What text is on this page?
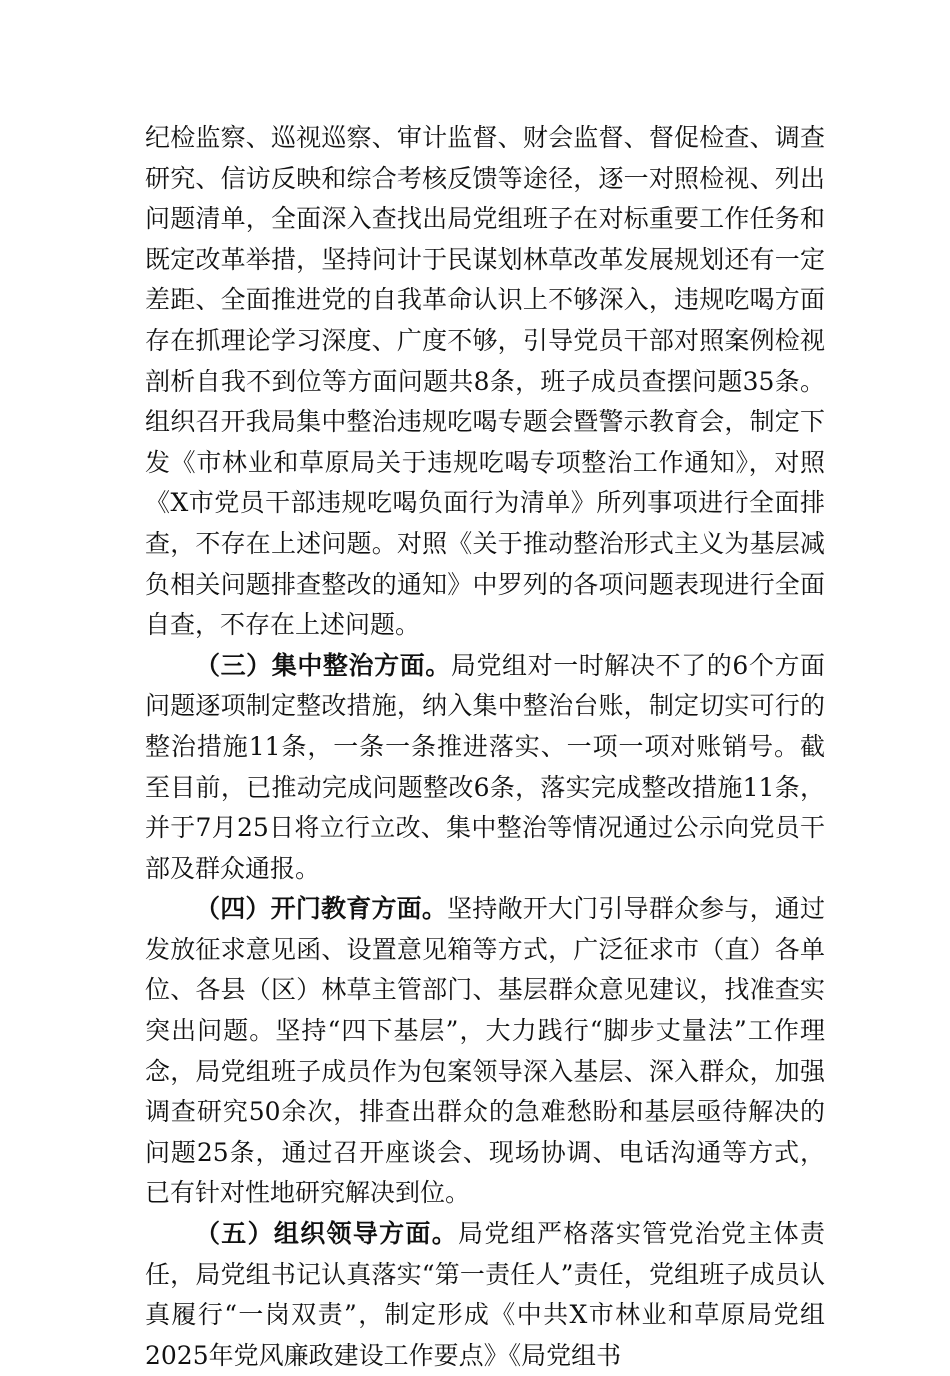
纪检监察、巡视巡察、审计监督、财会监督、督促检查、调查研究、信访反映和综合考核反馈等途径，逐一对照检视、列出问题清单，全面深入查找出局党组班子在对标重要工作任务和既定改革举措，坚持问计于民谋划林草改革发展规划还有一定差距、全面推进党的自我革命认识上不够深入，违规吃喝方面存在抓理论学习深度、广度不够，引导党员干部对照案例检视剖析自我不到位等方面问题共8条，班子成员查摆问题35条。组织召开我局集中整治违规吃喝专题会暨警示教育会，制定下发《市林业和草原局关于违规吃喝专项整治工作通知》，对照《X市党员干部违规吃喝负面行为清单》所列事项进行全面排查，不存在上述问题。对照《关于推动整治形式主义为基层减负相关问题排查整改的通知》中罗列的各项问题表现进行全面自查，不存在上述问题。

（三）集中整治方面。局党组对一时解决不了的6个方面问题逐项制定整改措施，纳入集中整治台账，制定切实可行的整治措施11条，一条一条推进落实、一项一项对账销号。截至目前，已推动完成问题整改6条，落实完成整改措施11条，并于7月25日将立行立改、集中整治等情况通过公示向党员干部及群众通报。

（四）开门教育方面。坚持敞开大门引导群众参与，通过发放征求意见函、设置意见箱等方式，广泛征求市（直）各单位、各县（区）林草主管部门、基层群众意见建议，找准查实突出问题。坚持“四下基层”，大力践行“脚步丈量法”工作理念，局党组班子成员作为包案领导深入基层、深入群众，加强调查研究50余次，排查出群众的急难愁盼和基层亟待解决的问题25条，通过召开座谈会、现场协调、电话沟通等方式，已有针对性地研究解决到位。

（五）组织领导方面。局党组严格落实管党治党主体责任，局党组书记认真落实“第一责任人”责任，党组班子成员认真履行“一岗双责”，制定形成《中共X市林业和草原局党组2025年党风廉政建设工作要点》《局党组书
